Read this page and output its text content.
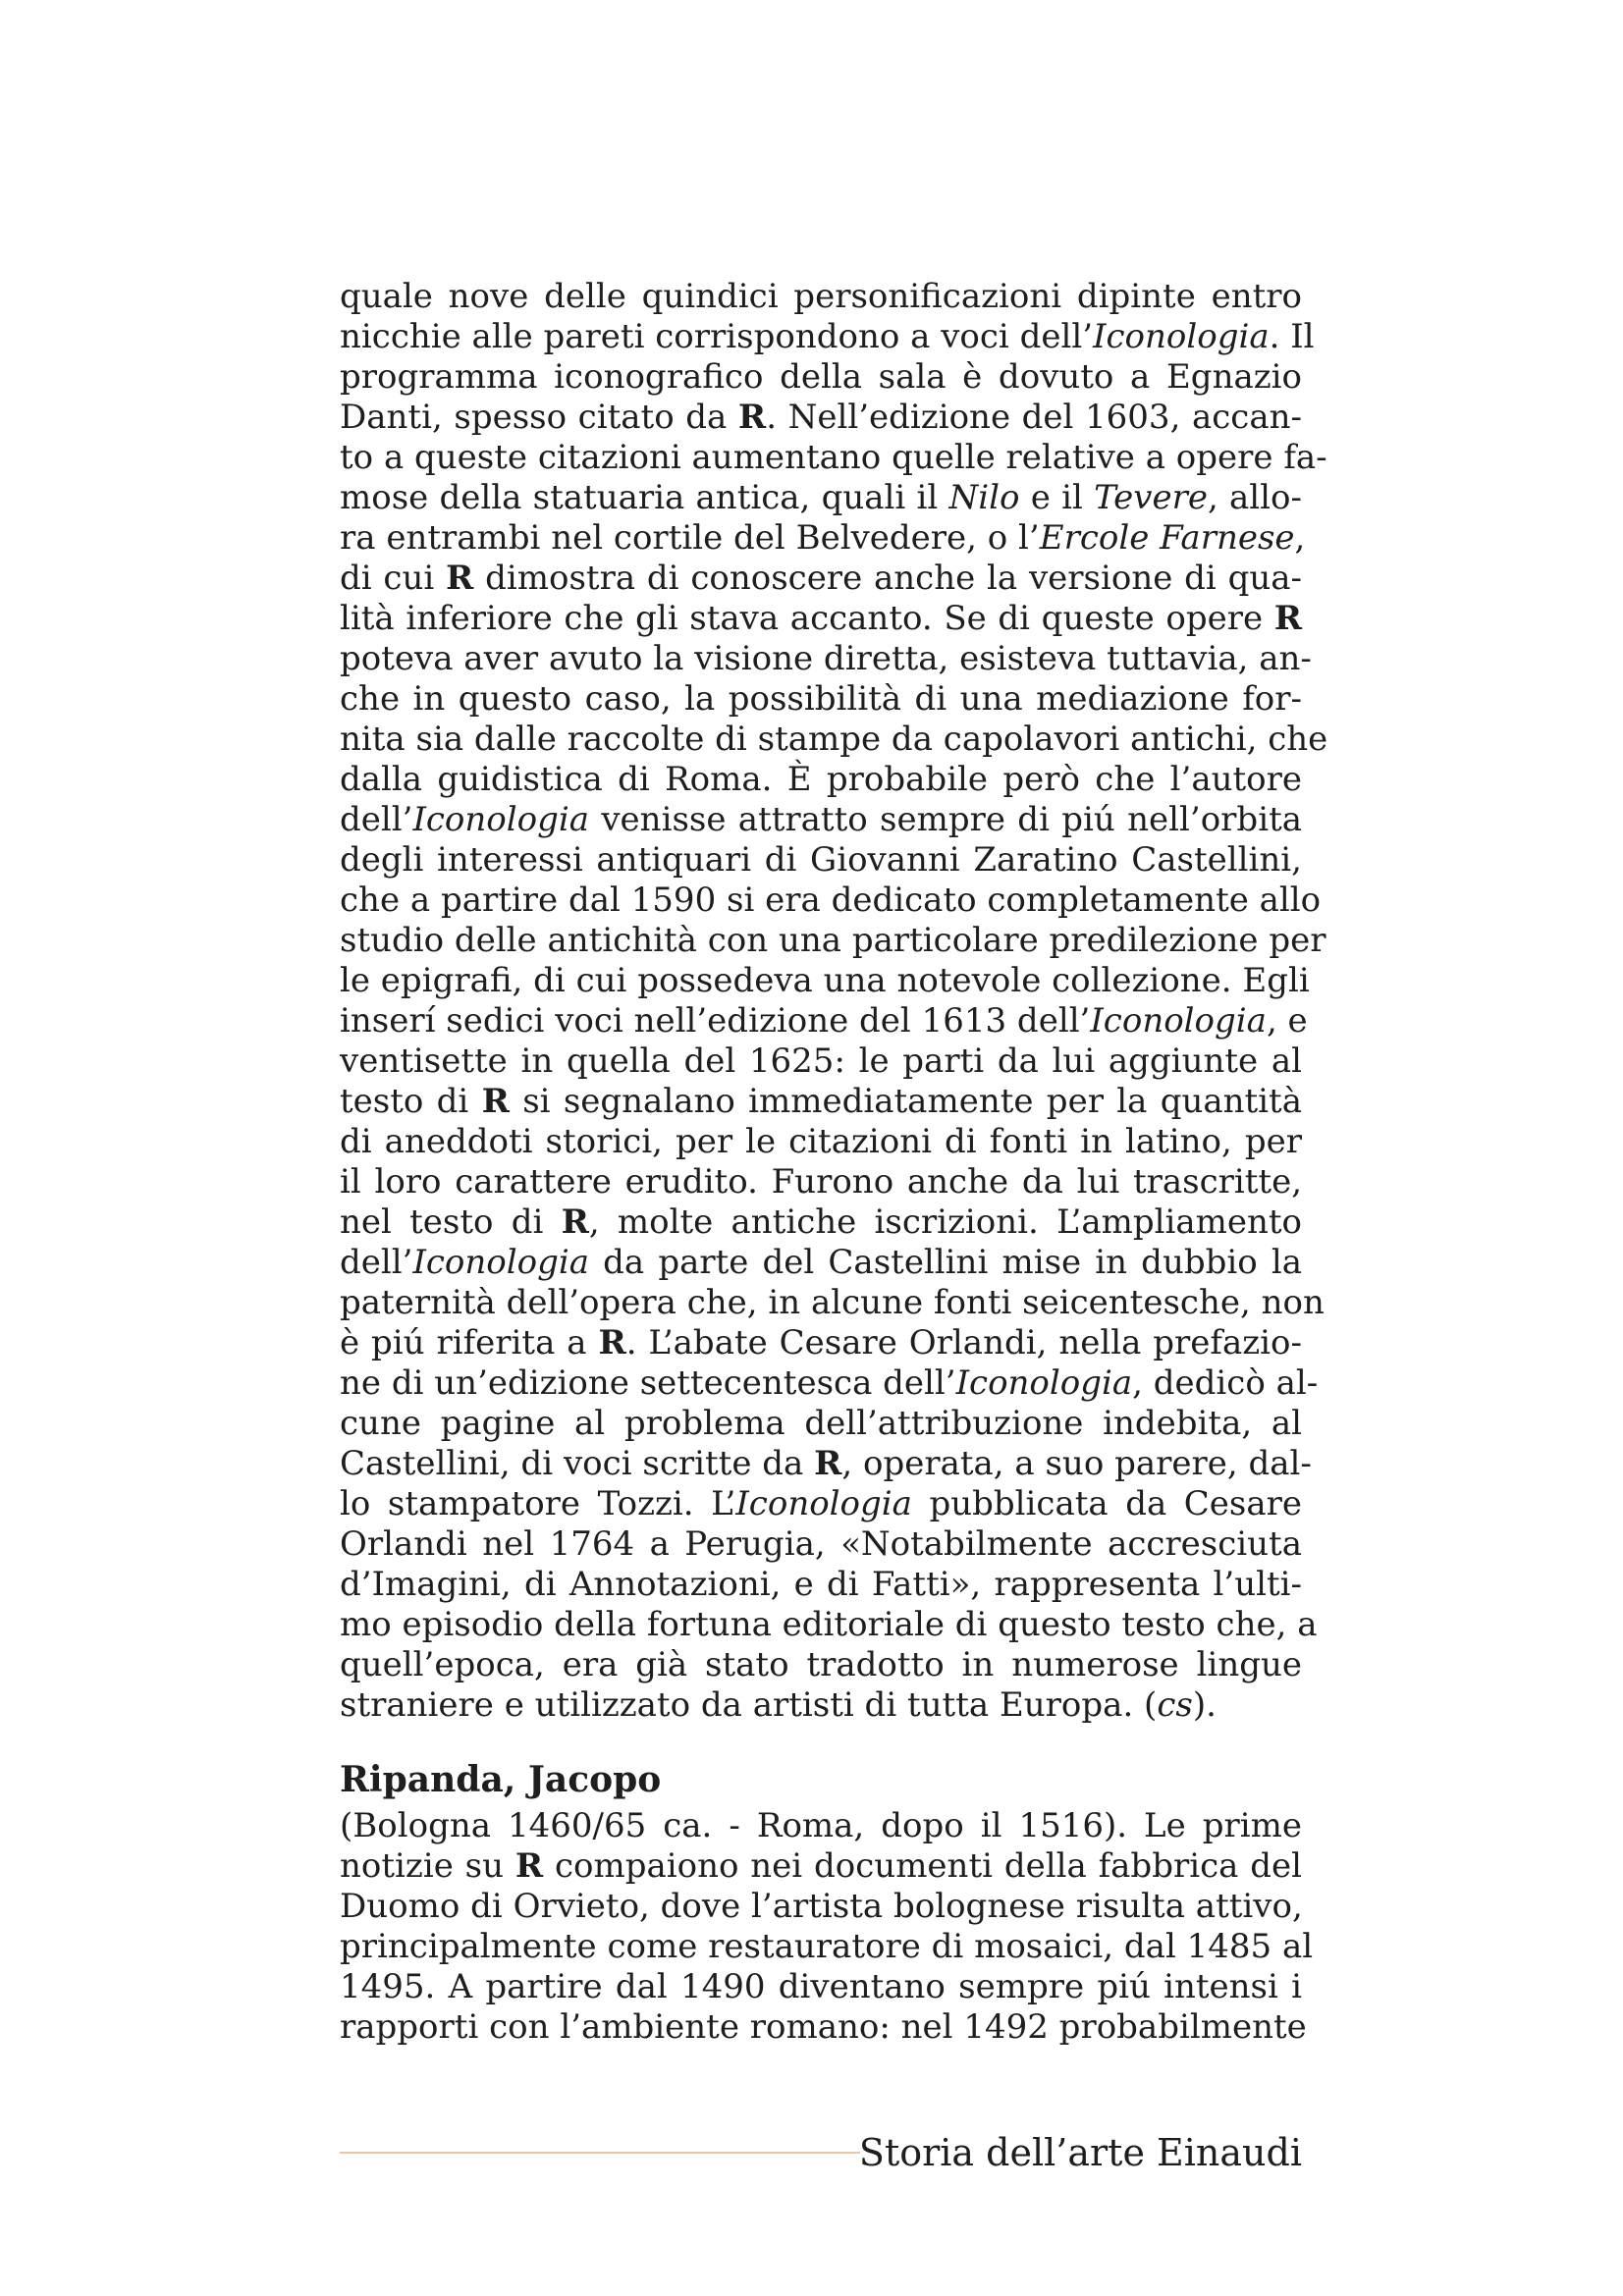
quale nove delle quindici personificazioni dipinte entro
nicchie alle pareti corrispondono a voci dell’Iconologia. Il
programma iconografico della sala è dovuto a Egnazio
Danti, spesso citato da R. Nell’edizione del 1603, accan-
to a queste citazioni aumentano quelle relative a opere fa-
mose della statuaria antica, quali il Nilo e il Tevere, allo-
ra entrambi nel cortile del Belvedere, o l’Ercole Farnese,
di cui R dimostra di conoscere anche la versione di qua-
lità inferiore che gli stava accanto. Se di queste opere R
poteva aver avuto la visione diretta, esisteva tuttavia, an-
che in questo caso, la possibilità di una mediazione for-
nita sia dalle raccolte di stampe da capolavori antichi, che
dalla guidistica di Roma. È probabile però che l’autore
dell’Iconologia venisse attratto sempre di piú nell’orbita
degli interessi antiquari di Giovanni Zaratino Castellini,
che a partire dal 1590 si era dedicato completamente allo
studio delle antichità con una particolare predilezione per
le epigrafi, di cui possedeva una notevole collezione. Egli
inserí sedici voci nell’edizione del 1613 dell’Iconologia, e
ventisette in quella del 1625: le parti da lui aggiunte al
testo di R si segnalano immediatamente per la quantità
di aneddoti storici, per le citazioni di fonti in latino, per
il loro carattere erudito. Furono anche da lui trascritte,
nel testo di R, molte antiche iscrizioni. L’ampliamento
dell’Iconologia da parte del Castellini mise in dubbio la
paternità dell’opera che, in alcune fonti seicentesche, non
è piú riferita a R. L’abate Cesare Orlandi, nella prefazio-
ne di un’edizione settecentesca dell’Iconologia, dedicò al-
cune pagine al problema dell’attribuzione indebita, al
Castellini, di voci scritte da R, operata, a suo parere, dal-
lo stampatore Tozzi. L’Iconologia pubblicata da Cesare
Orlandi nel 1764 a Perugia, «Notabilmente accresciuta
d’Imagini, di Annotazioni, e di Fatti», rappresenta l’ulti-
mo episodio della fortuna editoriale di questo testo che, a
quell’epoca, era già stato tradotto in numerose lingue
straniere e utilizzato da artisti di tutta Europa. (cs).
Ripanda, Jacopo
(Bologna 1460/65 ca. - Roma, dopo il 1516). Le prime
notizie su R compaiono nei documenti della fabbrica del
Duomo di Orvieto, dove l’artista bolognese risulta attivo,
principalmente come restauratore di mosaici, dal 1485 al
1495. A partire dal 1490 diventano sempre piú intensi i
rapporti con l’ambiente romano: nel 1492 probabilmente
Storia dell’arte Einaudi
